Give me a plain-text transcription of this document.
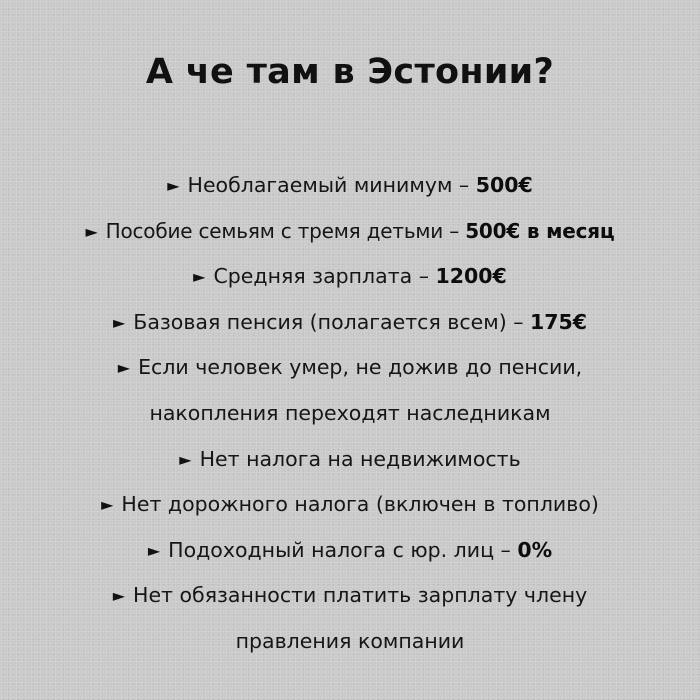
А че там в Эстонии?
► Необлагаемый минимум – 500€
► Пособие семьям с тремя детьми – 500€ в месяц
► Средняя зарплата – 1200€
► Базовая пенсия (полагается всем) – 175€
► Если человек умер, не дожив до пенсии,
накопления переходят наследникам
► Нет налога на недвижимость
► Нет дорожного налога (включен в топливо)
► Подоходный налога с юр. лиц – 0%
► Нет обязанности платить зарплату члену
правления компании
